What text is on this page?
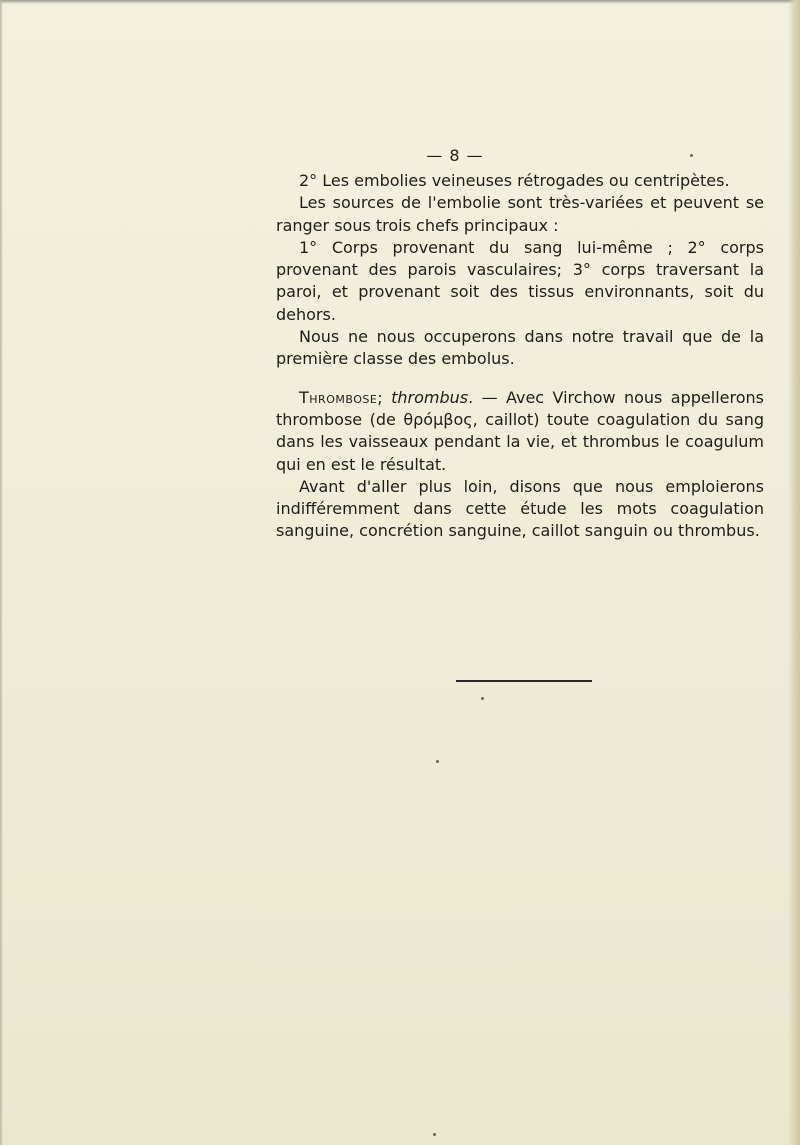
— 8 —

2° Les embolies veineuses rétrogades ou centripètes.

Les sources de l'embolie sont très-variées et peuvent se ranger sous trois chefs principaux :

1° Corps provenant du sang lui-même ; 2° corps provenant des parois vasculaires; 3° corps traversant la paroi, et provenant soit des tissus environnants, soit du dehors.

Nous ne nous occuperons dans notre travail que de la première classe des embolus.

Thrombose; thrombus. — Avec Virchow nous appellerons thrombose (de θρόμβος, caillot) toute coagulation du sang dans les vaisseaux pendant la vie, et thrombus le coagulum qui en est le résultat.

Avant d'aller plus loin, disons que nous emploierons indifféremment dans cette étude les mots coagulation sanguine, concrétion sanguine, caillot sanguin ou thrombus.
